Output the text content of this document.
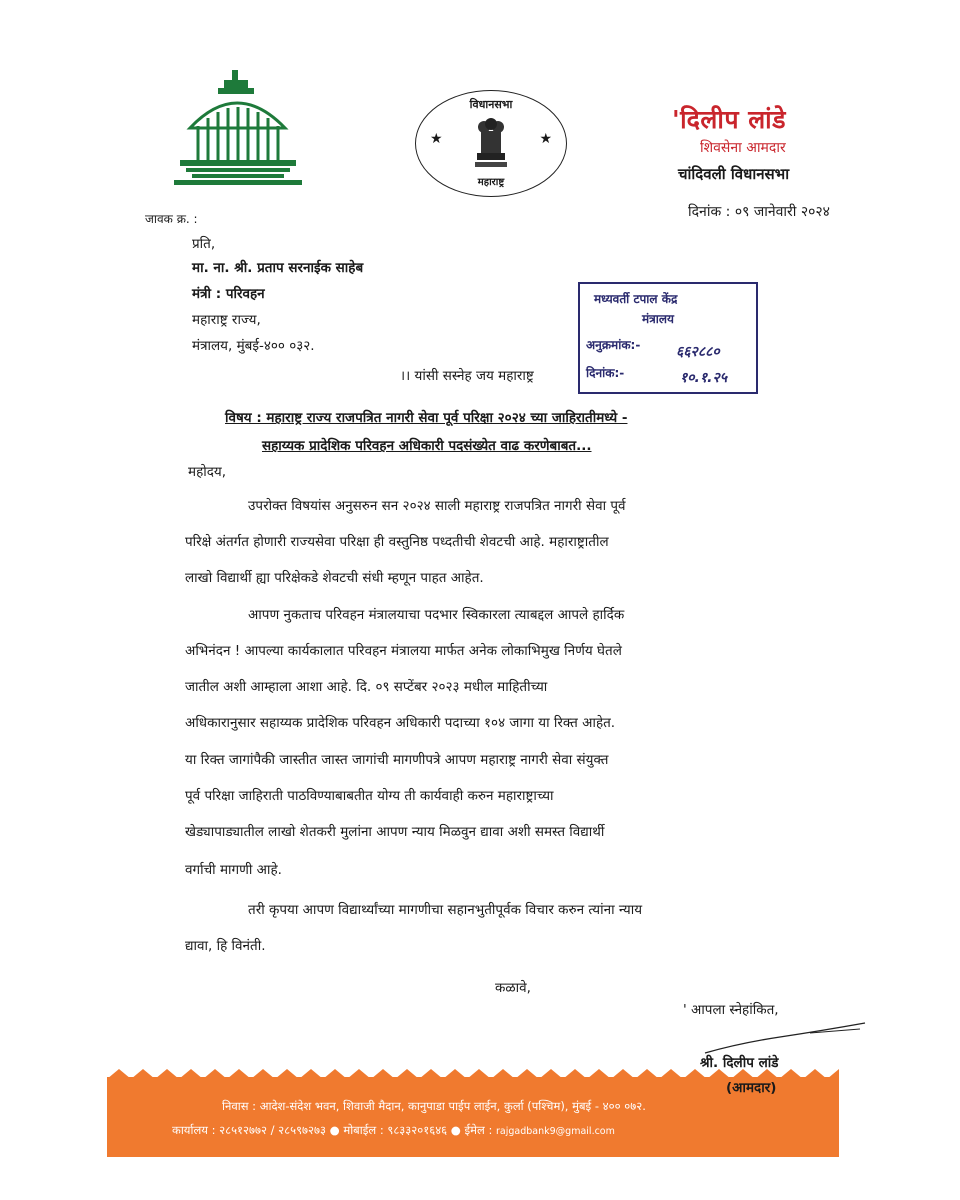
विधानसभा
★	★
महाराष्ट्र
'दिलीप लांडे
शिवसेना आमदार
चांदिवली विधानसभा
जावक क्र. :	दिनांक : ०९ जानेवारी २०२४
प्रति,
मा. ना. श्री. प्रताप सरनाईक साहेब
मंत्री : परिवहन
महाराष्ट्र राज्य,
मंत्रालय, मुंबई-४०० ०३२.
।। यांसी सस्नेह जय महाराष्ट्र
मध्यवर्ती टपाल केंद्र
मंत्रालय
अनुक्रमांक:-	६६२८८०
दिनांक:-	१०.१.२५
विषय : महाराष्ट्र राज्य राजपत्रित नागरी सेवा पूर्व परिक्षा २०२४ च्या जाहिरातीमध्ये -
सहाय्यक प्रादेशिक परिवहन अधिकारी पदसंख्येत वाढ करणेबाबत...
महोदय,
उपरोक्त विषयांस अनुसरुन सन २०२४ साली महाराष्ट्र राजपत्रित नागरी सेवा पूर्व
परिक्षे अंतर्गत होणारी राज्यसेवा परिक्षा ही वस्तुनिष्ठ पध्दतीची शेवटची आहे. महाराष्ट्रातील
लाखो विद्यार्थी ह्या परिक्षेकडे शेवटची संधी म्हणून पाहत आहेत.
आपण नुकताच परिवहन मंत्रालयाचा पदभार स्विकारला त्याबद्दल आपले हार्दिक
अभिनंदन ! आपल्या कार्यकालात परिवहन मंत्रालया मार्फत अनेक लोकाभिमुख निर्णय घेतले
जातील अशी आम्हाला आशा आहे. दि. ०९ सप्टेंबर २०२३ मधील माहितीच्या
अधिकारानुसार सहाय्यक प्रादेशिक परिवहन अधिकारी पदाच्या १०४ जागा या रिक्त आहेत.
या रिक्त जागांपैकी जास्तीत जास्त जागांची मागणीपत्रे आपण महाराष्ट्र नागरी सेवा संयुक्त
पूर्व परिक्षा जाहिराती पाठविण्याबाबतीत योग्य ती कार्यवाही करुन महाराष्ट्राच्या
खेड्यापाड्यातील लाखो शेतकरी मुलांना आपण न्याय मिळवुन द्यावा अशी समस्त विद्यार्थी
वर्गाची मागणी आहे.
तरी कृपया आपण विद्यार्थ्यांच्या मागणीचा सहानभुतीपूर्वक विचार करुन त्यांना न्याय
द्यावा, हि विनंती.
कळावे,
' आपला स्नेहांकित,
श्री. दिलीप लांडे
(आमदार)
निवास : आदेश-संदेश भवन, शिवाजी मैदान, कानुपाडा पाईप लाईन, कुर्ला (पश्चिम), मुंबई - ४०० ०७२.
कार्यालय : २८५१२७७२ / २८५९७२७३ ● मोबाईल : ९८३३२०१६४६ ● ईमेल : rajgadbank9@gmail.com
